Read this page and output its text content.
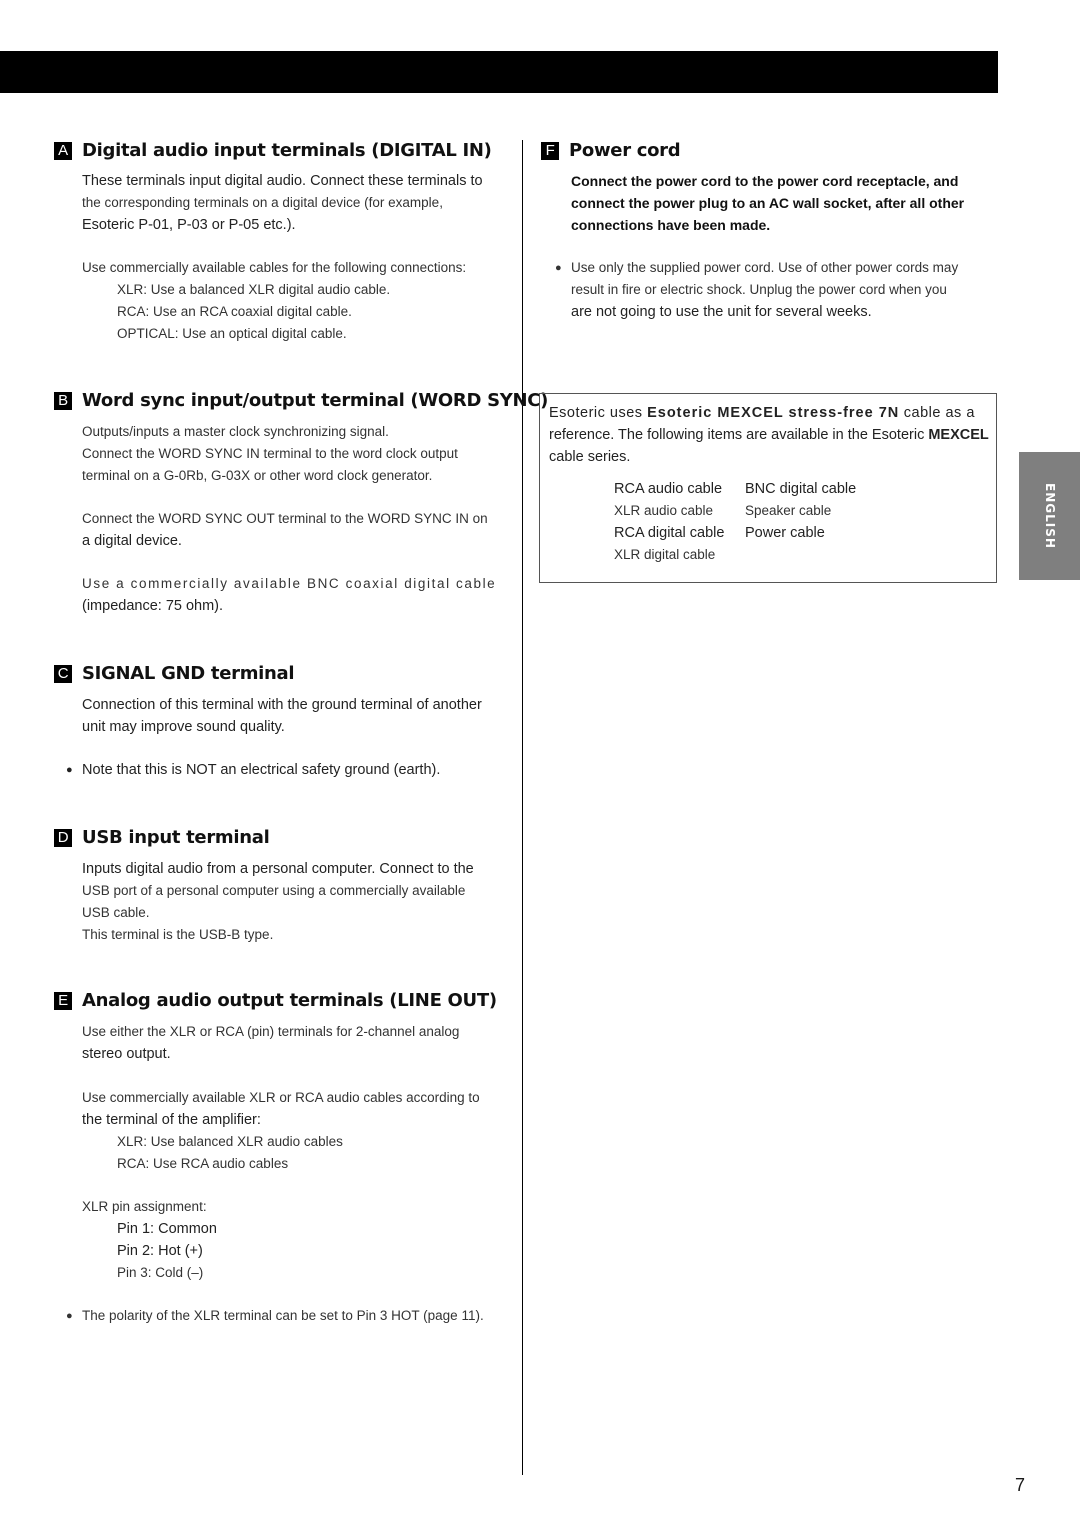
A Digital audio input terminals (DIGITAL IN)
These terminals input digital audio. Connect these terminals to
the corresponding terminals on a digital device (for example,
Esoteric P-01, P-03 or P-05 etc.).
Use commercially available cables for the following connections:
XLR: Use a balanced XLR digital audio cable.
RCA: Use an RCA coaxial digital cable.
OPTICAL: Use an optical digital cable.
B Word sync input/output terminal (WORD SYNC)
Outputs/inputs a master clock synchronizing signal.
Connect the WORD SYNC IN terminal to the word clock output
terminal on a G-0Rb, G-03X or other word clock generator.
Connect the WORD SYNC OUT terminal to the WORD SYNC IN on
a digital device.
Use a commercially available BNC coaxial digital cable
(impedance: 75 ohm).
C SIGNAL GND terminal
Connection of this terminal with the ground terminal of another
unit may improve sound quality.
● Note that this is NOT an electrical safety ground (earth).
D USB input terminal
Inputs digital audio from a personal computer. Connect to the
USB port of a personal computer using a commercially available
USB cable.
This terminal is the USB-B type.
E Analog audio output terminals (LINE OUT)
Use either the XLR or RCA (pin) terminals for 2-channel analog
stereo output.
Use commercially available XLR or RCA audio cables according to
the terminal of the amplifier:
XLR: Use balanced XLR audio cables
RCA: Use RCA audio cables
XLR pin assignment:
Pin 1: Common
Pin 2: Hot (+)
Pin 3: Cold (–)
● The polarity of the XLR terminal can be set to Pin 3 HOT (page 11).
F Power cord
Connect the power cord to the power cord receptacle, and
connect the power plug to an AC wall socket, after all other
connections have been made.
● Use only the supplied power cord. Use of other power cords may
result in fire or electric shock. Unplug the power cord when you
are not going to use the unit for several weeks.
Esoteric uses Esoteric MEXCEL stress-free 7N cable as a
reference. The following items are available in the Esoteric MEXCEL
cable series.
RCA audio cable BNC digital cable
XLR audio cable Speaker cable
RCA digital cable Power cable
XLR digital cable
ENGLISH
7
